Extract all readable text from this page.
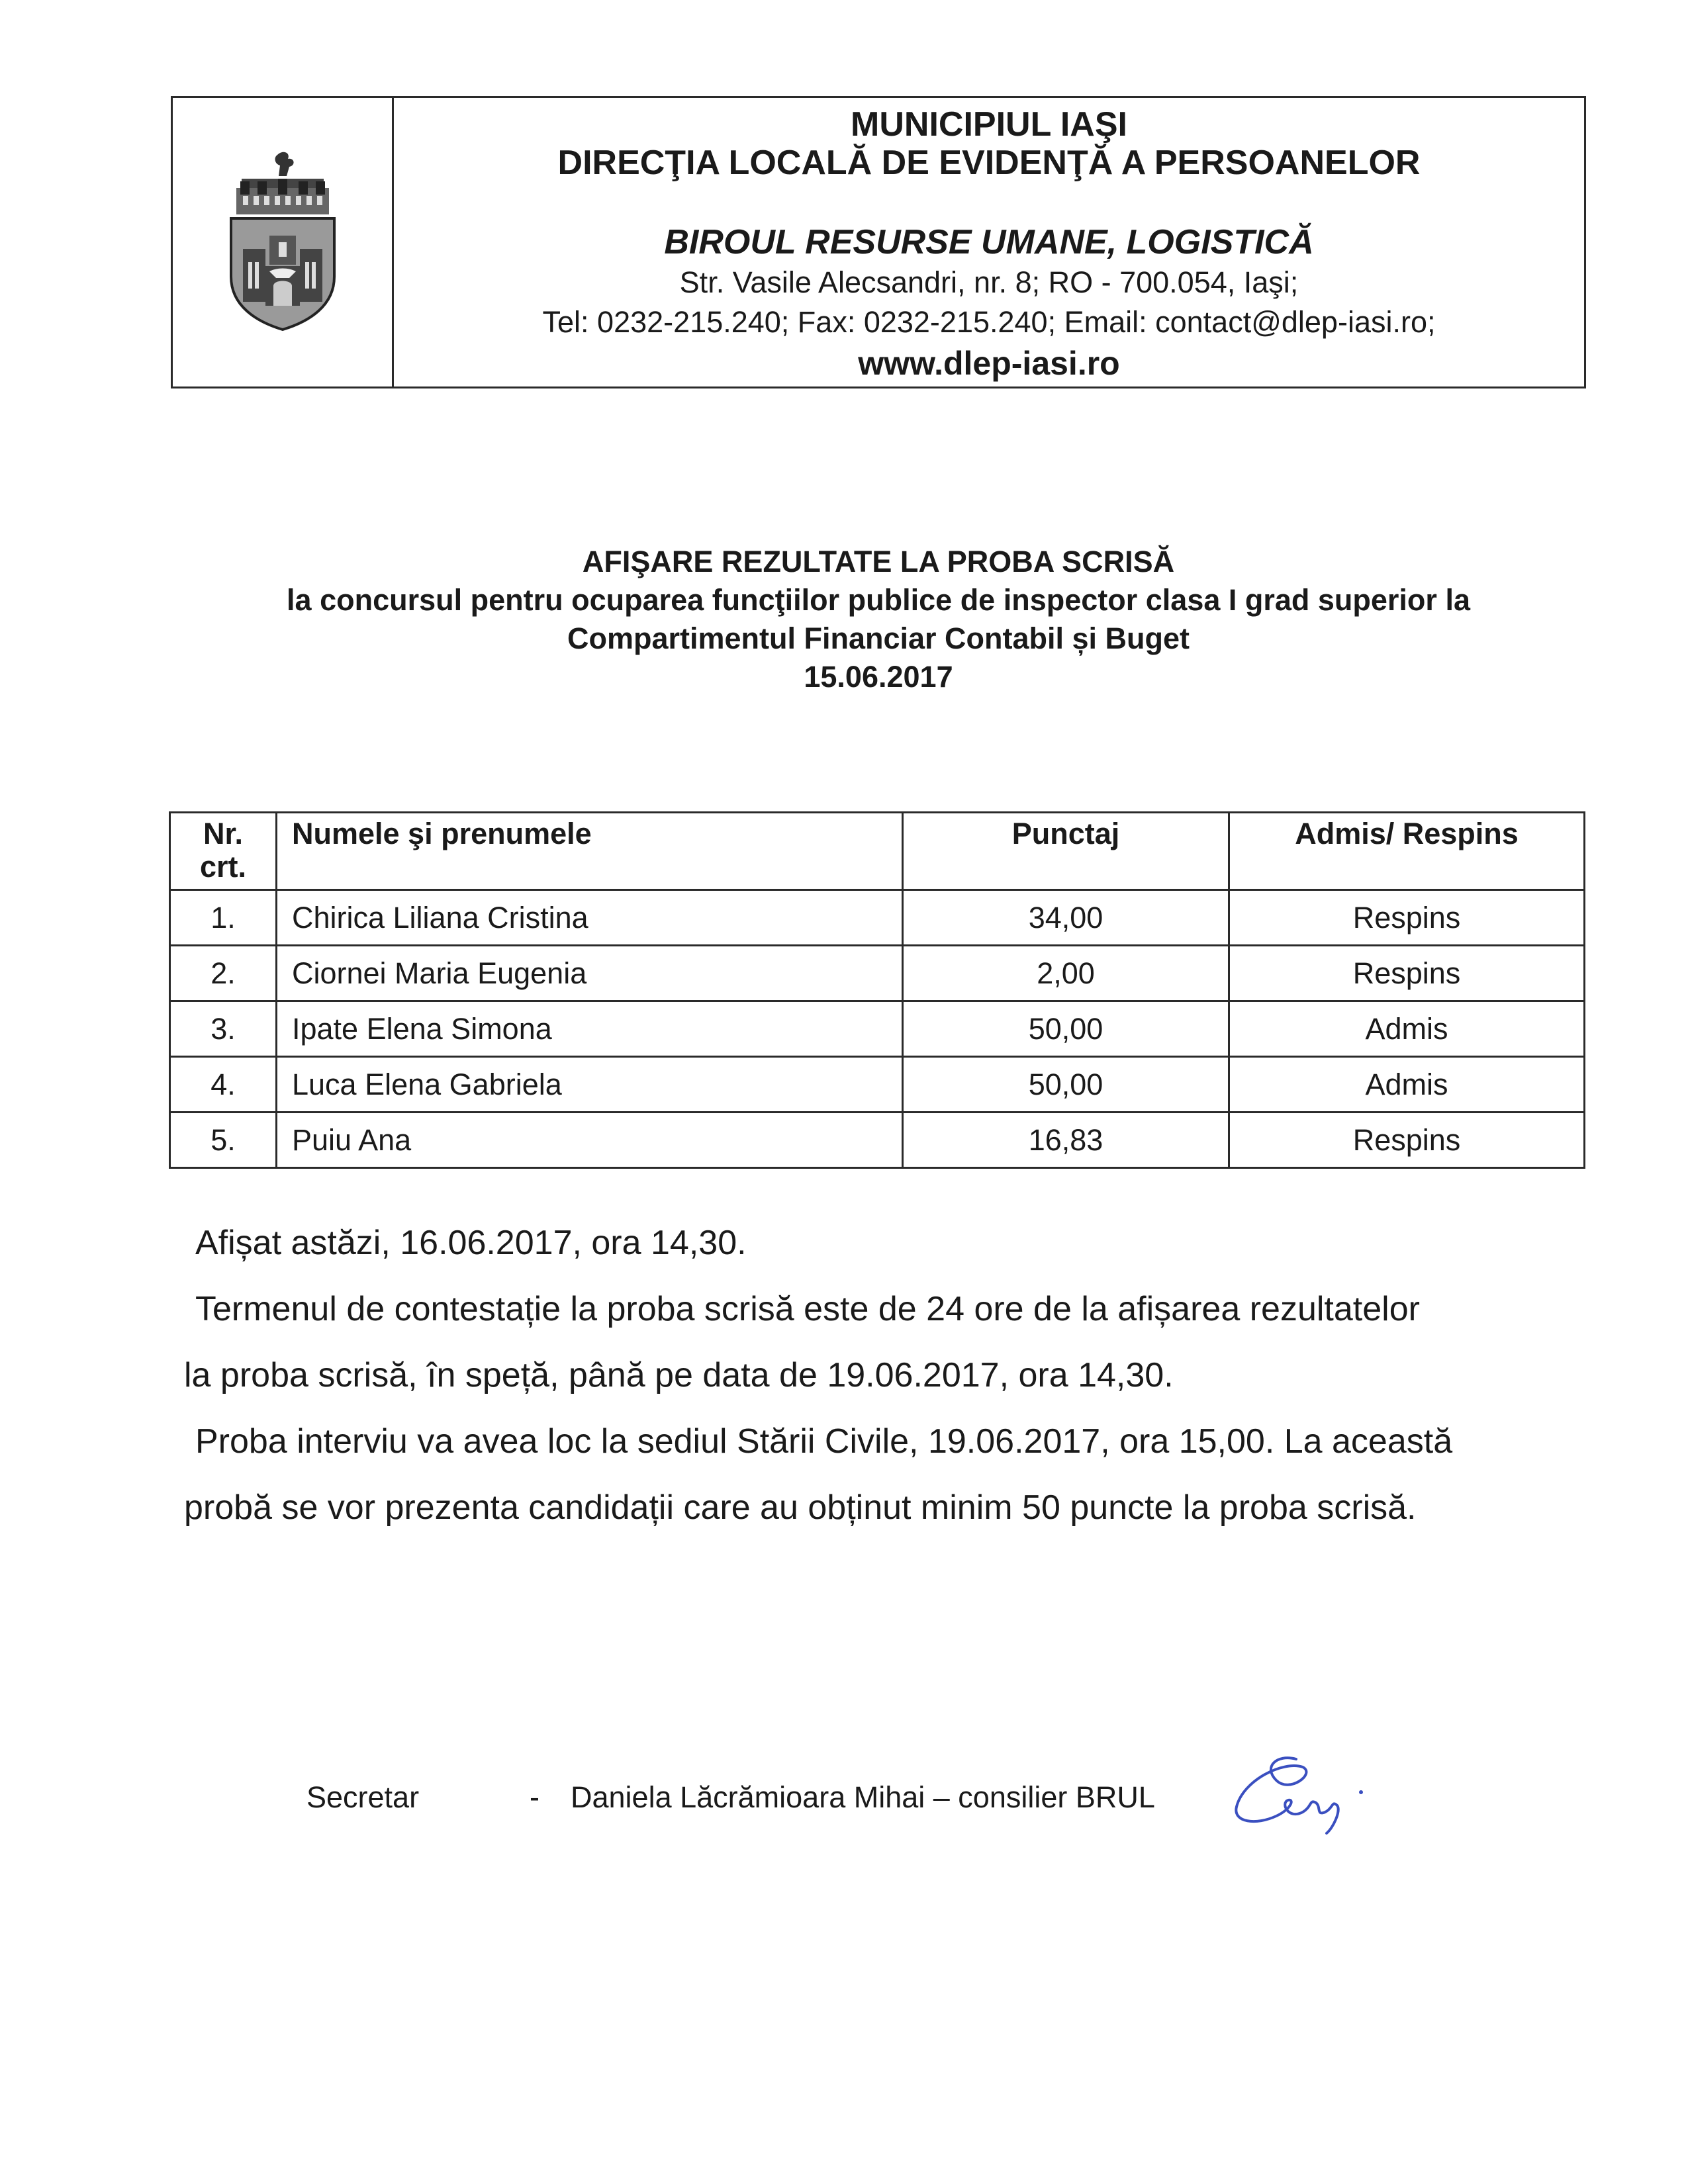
MUNICIPIUL IAŞI
DIRECŢIA LOCALĂ DE EVIDENŢĂ A PERSOANELOR
BIROUL RESURSE UMANE, LOGISTICĂ
Str. Vasile Alecsandri, nr. 8; RO - 700.054, Iaşi;
Tel: 0232-215.240; Fax: 0232-215.240; Email: contact@dlep-iasi.ro;
www.dlep-iasi.ro
AFIŞARE REZULTATE LA PROBA SCRISĂ
la concursul pentru ocuparea funcţiilor publice de inspector clasa I grad superior la
Compartimentul Financiar Contabil și Buget
15.06.2017
Nr. crt.	Numele şi prenumele	Punctaj	Admis/ Respins
1.	Chirica Liliana Cristina	34,00	Respins
2.	Ciornei Maria Eugenia	2,00	Respins
3.	Ipate Elena Simona	50,00	Admis
4.	Luca Elena Gabriela	50,00	Admis
5.	Puiu Ana	16,83	Respins
Afișat astăzi, 16.06.2017, ora 14,30.
Termenul de contestație la proba scrisă este de 24 ore de la afișarea rezultatelor
la proba scrisă, în speță, până pe data de 19.06.2017, ora 14,30.
Proba interviu va avea loc la sediul Stării Civile, 19.06.2017, ora 15,00. La această
probă se vor prezenta candidații care au obținut minim 50 puncte la proba scrisă.
Secretar	- Daniela Lăcrămioara Mihai – consilier BRUL
